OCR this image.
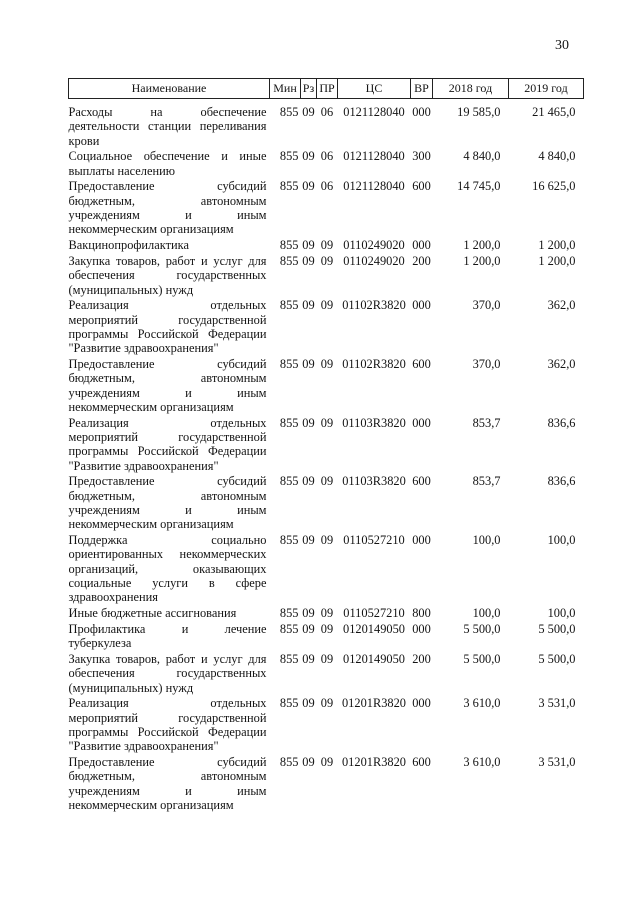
30
Наименование	Мин	Рз	ПР	ЦС	ВР	2018 год	2019 год

Расходы на обеспечение
деятельности станции переливания
крови	855	09	06	0121128040	000	19 585,0	21 465,0

Социальное обеспечение и иные
выплаты населению	855	09	06	0121128040	300	4 840,0	4 840,0

Предоставление субсидий
бюджетным, автономным
учреждениям и иным
некоммерческим организациям	855	09	06	0121128040	600	14 745,0	16 625,0

Вакцинопрофилактика	855	09	09	0110249020	000	1 200,0	1 200,0

Закупка товаров, работ и услуг для
обеспечения государственных
(муниципальных) нужд	855	09	09	0110249020	200	1 200,0	1 200,0

Реализация отдельных
мероприятий государственной
программы Российской Федерации
"Развитие здравоохранения"	855	09	09	01102R3820	000	370,0	362,0

Предоставление субсидий
бюджетным, автономным
учреждениям и иным
некоммерческим организациям	855	09	09	01102R3820	600	370,0	362,0

Реализация отдельных
мероприятий государственной
программы Российской Федерации
"Развитие здравоохранения"	855	09	09	01103R3820	000	853,7	836,6

Предоставление субсидий
бюджетным, автономным
учреждениям и иным
некоммерческим организациям	855	09	09	01103R3820	600	853,7	836,6

Поддержка социально
ориентированных некоммерческих
организаций, оказывающих
социальные услуги в сфере
здравоохранения	855	09	09	0110527210	000	100,0	100,0

Иные бюджетные ассигнования	855	09	09	0110527210	800	100,0	100,0

Профилактика и лечение
туберкулеза	855	09	09	0120149050	000	5 500,0	5 500,0

Закупка товаров, работ и услуг для
обеспечения государственных
(муниципальных) нужд	855	09	09	0120149050	200	5 500,0	5 500,0

Реализация отдельных
мероприятий государственной
программы Российской Федерации
"Развитие здравоохранения"	855	09	09	01201R3820	000	3 610,0	3 531,0

Предоставление субсидий
бюджетным, автономным
учреждениям и иным
некоммерческим организациям	855	09	09	01201R3820	600	3 610,0	3 531,0
